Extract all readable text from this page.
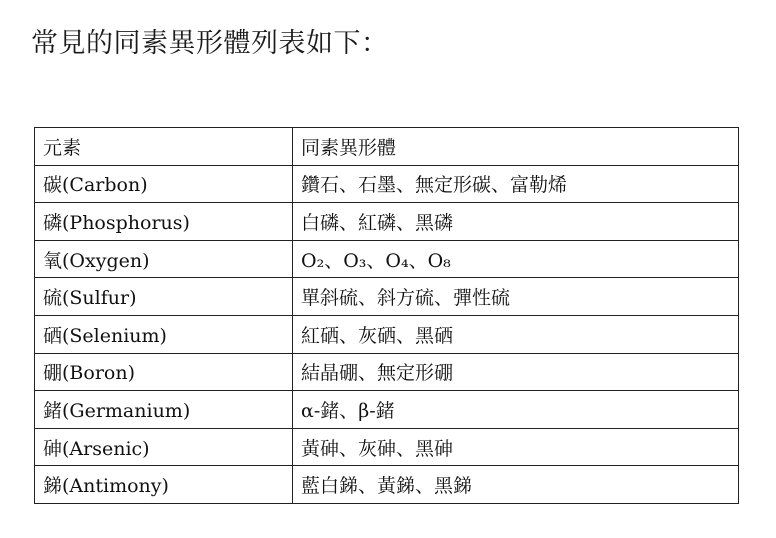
常見的同素異形體列表如下：
元素	同素異形體
碳(Carbon)	鑽石、石墨、無定形碳、富勒烯
磷(Phosphorus)	白磷、紅磷、黑磷
氧(Oxygen)	O₂、O₃、O₄、O₈
硫(Sulfur)	單斜硫、斜方硫、彈性硫
硒(Selenium)	紅硒、灰硒、黑硒
硼(Boron)	結晶硼、無定形硼
鍺(Germanium)	α-鍺、β-鍺
砷(Arsenic)	黃砷、灰砷、黑砷
銻(Antimony)	藍白銻、黃銻、黑銻
